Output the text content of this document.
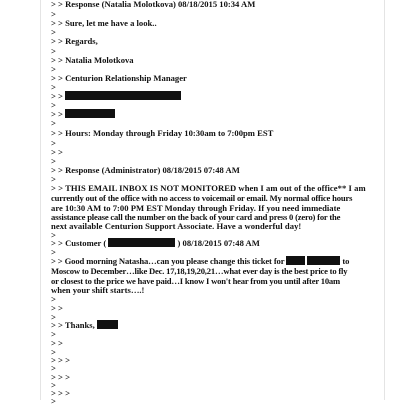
> > Response (Natalia Molotkova) 08/18/2015 10:34 AM
>
> > Sure, let me have a look..
>
> > Regards,
>
> > Natalia Molotkova
>
> > Centurion Relationship Manager
>
> >
>
> >
>
> > Hours: Monday through Friday 10:30am to 7:00pm EST
>
> >
>
> > Response (Administrator) 08/18/2015 07:48 AM
>
> > THIS EMAIL INBOX IS NOT MONITORED when I am out of the office** I am
currently out of the office with no access to voicemail or email. My normal office hours
are 10:30 AM to 7:00 PM EST Monday through Friday. If you need immediate
assistance please call the number on the back of your card and press 0 (zero) for the
next available Centurion Support Associate. Have a wonderful day!
>
> > Customer (	) 08/18/2015 07:48 AM
>
> > Good morning Natasha…can you please change this ticket for	to
Moscow to December…like Dec. 17,18,19,20,21…what ever day is the best price to fly
or closest to the price we have paid…I know I won't hear from you until after 10am
when your shift starts….!
>
> >
>
> > Thanks,
>
> >
>
> > >
>
> > >
>
> > >
>
